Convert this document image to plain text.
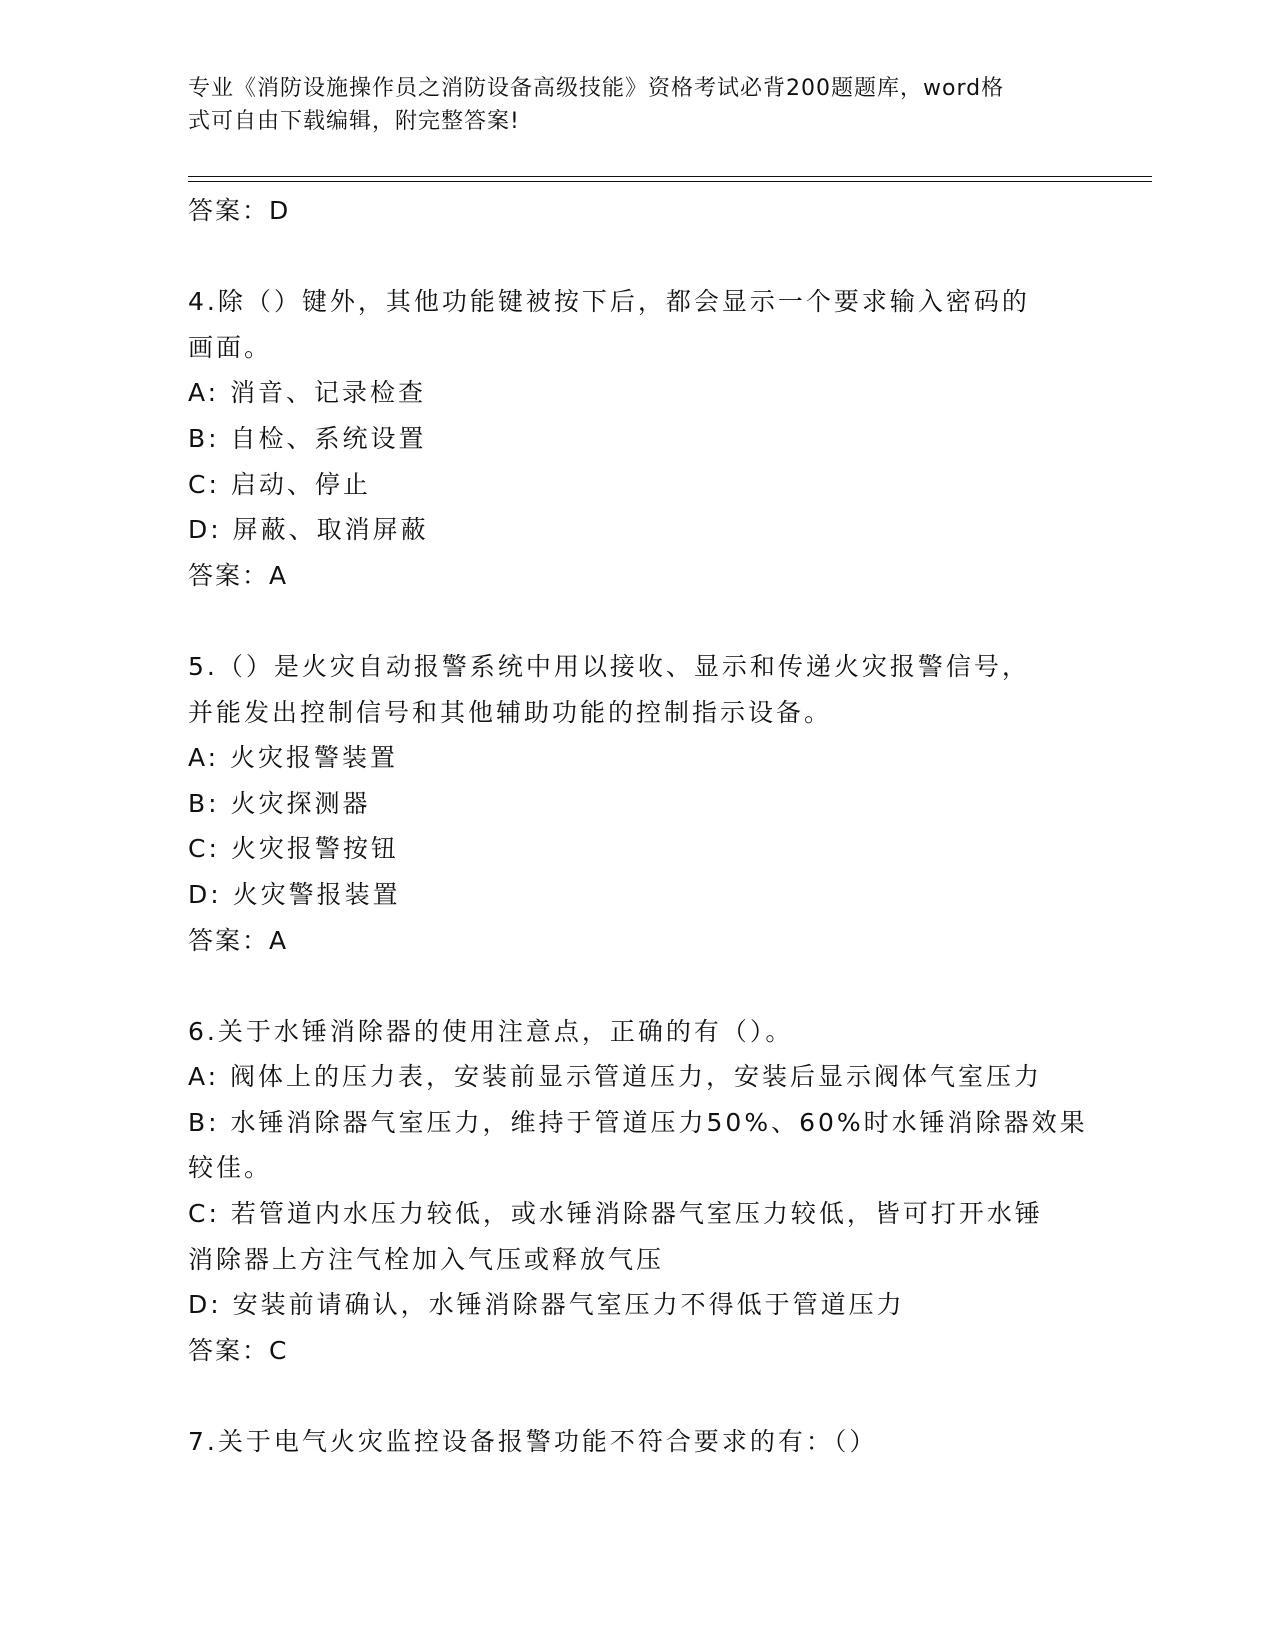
专业《消防设施操作员之消防设备高级技能》资格考试必背200题题库，word格
式可自由下载编辑，附完整答案!
答案：D
4.除（）键外，其他功能键被按下后，都会显示一个要求输入密码的
画面。
A: 消音、记录检查
B: 自检、系统设置
C: 启动、停止
D: 屏蔽、取消屏蔽
答案：A
5.（）是火灾自动报警系统中用以接收、显示和传递火灾报警信号，
并能发出控制信号和其他辅助功能的控制指示设备。
A: 火灾报警装置
B: 火灾探测器
C: 火灾报警按钮
D: 火灾警报装置
答案：A
6.关于水锤消除器的使用注意点，正确的有（）。
A: 阀体上的压力表，安装前显示管道压力，安装后显示阀体气室压力
B: 水锤消除器气室压力，维持于管道压力50%、60%时水锤消除器效果
较佳。
C: 若管道内水压力较低，或水锤消除器气室压力较低，皆可打开水锤
消除器上方注气栓加入气压或释放气压
D: 安装前请确认，水锤消除器气室压力不得低于管道压力
答案：C
7.关于电气火灾监控设备报警功能不符合要求的有：（）
